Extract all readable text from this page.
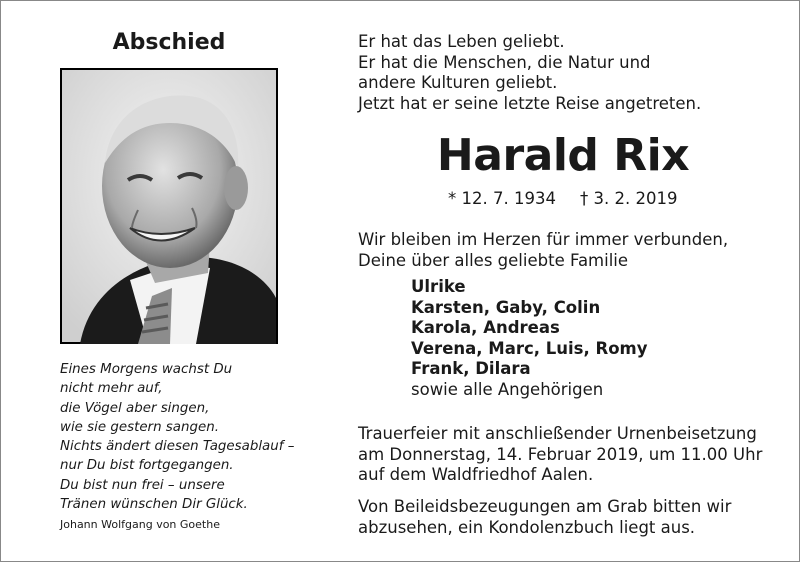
Abschied
Eines Morgens wachst Du
nicht mehr auf,
die Vögel aber singen,
wie sie gestern sangen.
Nichts ändert diesen Tagesablauf –
nur Du bist fortgegangen.
Du bist nun frei – unsere
Tränen wünschen Dir Glück.
Johann Wolfgang von Goethe
Er hat das Leben geliebt.
Er hat die Menschen, die Natur und
andere Kulturen geliebt.
Jetzt hat er seine letzte Reise angetreten.
Harald Rix
* 12. 7. 1934 † 3. 2. 2019
Wir bleiben im Herzen für immer verbunden,
Deine über alles geliebte Familie
Ulrike
Karsten, Gaby, Colin
Karola, Andreas
Verena, Marc, Luis, Romy
Frank, Dilara
sowie alle Angehörigen
Trauerfeier mit anschließender Urnenbeisetzung
am Donnerstag, 14. Februar 2019, um 11.00 Uhr
auf dem Waldfriedhof Aalen.
Von Beileidsbezeugungen am Grab bitten wir
abzusehen, ein Kondolenzbuch liegt aus.
